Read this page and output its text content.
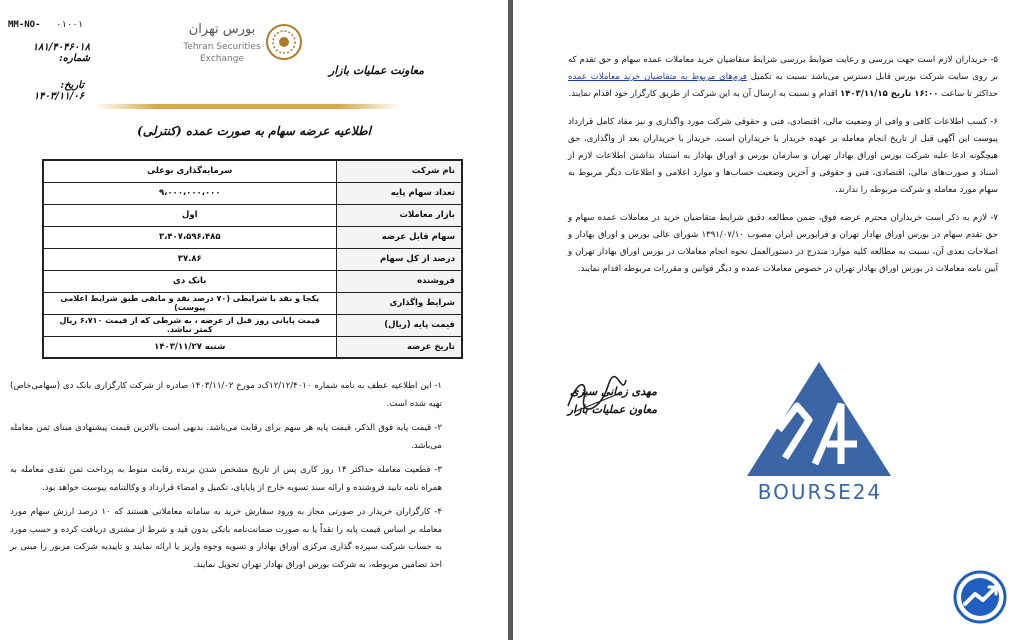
MM-NO- ۰۱۰۰۱
۱۸۱/۴۰۴۶۰۱۸ شماره:
تاریخ: ۱۴۰۳/۱۱/۰۶
بورس تهران
Tehran Securities
Exchange
معاونت عملیات بازار
اطلاعیه عرضه سهام به صورت عمده (کنترلی)
نام شرکت	سرمایه‌گذاری بوعلی
تعداد سهام پایه	۹،۰۰۰،۰۰۰،۰۰۰
بازار معاملات	اول
سهام قابل عرضه	۳،۴۰۷،۵۹۶،۴۸۵
درصد از کل سهام	۳۷.۸۶
فروشنده	بانک دی
شرایط واگذاری	یکجا و نقد یا شرایطی (۷۰ درصد نقد و مابقی طبق شرایط اعلامی پیوست)
قیمت پایه (ریال)	قیمت پایانی روز قبل از عرضه ، به شرطی که از قیمت ۶،۷۱۰ ریال کمتر نباشد.
تاریخ عرضه	شنبه ۱۴۰۳/۱۱/۲۷

۱- این اطلاعیه عطف به نامه شماره ۱۲/۱۲/۴۰۱۰ک‌د مورخ ۱۴۰۳/۱۱/۰۲ صادره از شرکت کارگزاری بانک دی (سهامی‌خاص) تهیه شده است.

۲- قیمت پایه فوق الذکر، قیمت پایه هر سهم برای رقابت می‌باشد. بدیهی است بالاترین قیمت پیشنهادی مبنای ثمن معامله می‌باشد.

۳- قطعیت معامله حداکثر ۱۴ روز کاری پس از تاریخ مشخص شدن برنده رقابت منوط به پرداخت ثمن نقدی معامله به همراه نامه تایید فروشنده و ارائه سند تسویه خارج از پایاپای، تکمیل و امضاء قرارداد و وکالتنامه پیوست خواهد بود.

۴- کارگزاران خریدار در صورتی مجاز به ورود سفارش خرید به سامانه معاملاتی هستند که ۱۰ درصد ارزش سهام مورد معامله بر اساس قیمت پایه را نقداً یا به صورت ضمانت‌نامه بانکی بدون قید و شرط از مشتری دریافت کرده و حسب مورد به حساب شرکت سپرده گذاری مرکزی اوراق بهادار و تسویه وجوه واریز یا ارائه نمایند و تاییدیه شرکت مزبور را مبنی بر اخذ تضامین مربوطه، به شرکت بورس اوراق بهادار تهران تحویل نمایند.

۵- خریداران لازم است جهت بررسی و رعایت ضوابط بررسی شرایط متقاضیان خرید معاملات عمده سهام و حق تقدم که بر روی سایت شرکت بورس قابل دسترس می‌باشد نسبت به تکمیل فرم‌های مربوط به متقاضیان خرید معاملات عمده حداکثر تا ساعت ۱۶:۰۰ تاریخ ۱۴۰۳/۱۱/۱۵ اقدام و نسبت به ارسال آن به این شرکت از طریق کارگزار خود اقدام نمایند.

۶- کسب اطلاعات کافی و وافی از وضعیت مالی، اقتصادی، فنی و حقوقی شرکت مورد واگذاری و نیز مفاد کامل قرارداد پیوست این آگهی قبل از تاریخ انجام معامله بر عهده خریدار یا خریداران است. خریدار یا خریداران بعد از واگذاری، حق هیچگونه ادعا علیه شرکت بورس اوراق بهادار تهران و سازمان بورس و اوراق بهادار به استناد نداشتن اطلاعات لازم از اسناد و صورت‌های مالی، اقتصادی، فنی و حقوقی و آخرین وضعیت حساب‌ها و موارد اعلامی و اطلاعات دیگر مربوط به سهام مورد معامله و شرکت مربوطه را ندارند.

۷- لازم به ذکر است خریداران محترم عرضه فوق، ضمن مطالعه دقیق شرایط متقاضیان خرید در معاملات عمده سهام و حق تقدم سهام در بورس اوراق بهادار تهران و فرابورس ایران مصوب ۱۳۹۱/۰۷/۱۰ شورای عالی بورس و اوراق بهادار و اصلاحات بعدی آن، نسبت به مطالعه کلیه موارد مندرج در دستورالعمل نحوه انجام معاملات در بورس اوراق بهادار تهران و آیین نامه معاملات در بورس اوراق بهادار تهران در خصوص معاملات عمده و دیگر قوانین و مقررات مربوطه اقدام نمایند.

مهدی زمانی سبزی
معاون عملیات بازار
BOURSE24
